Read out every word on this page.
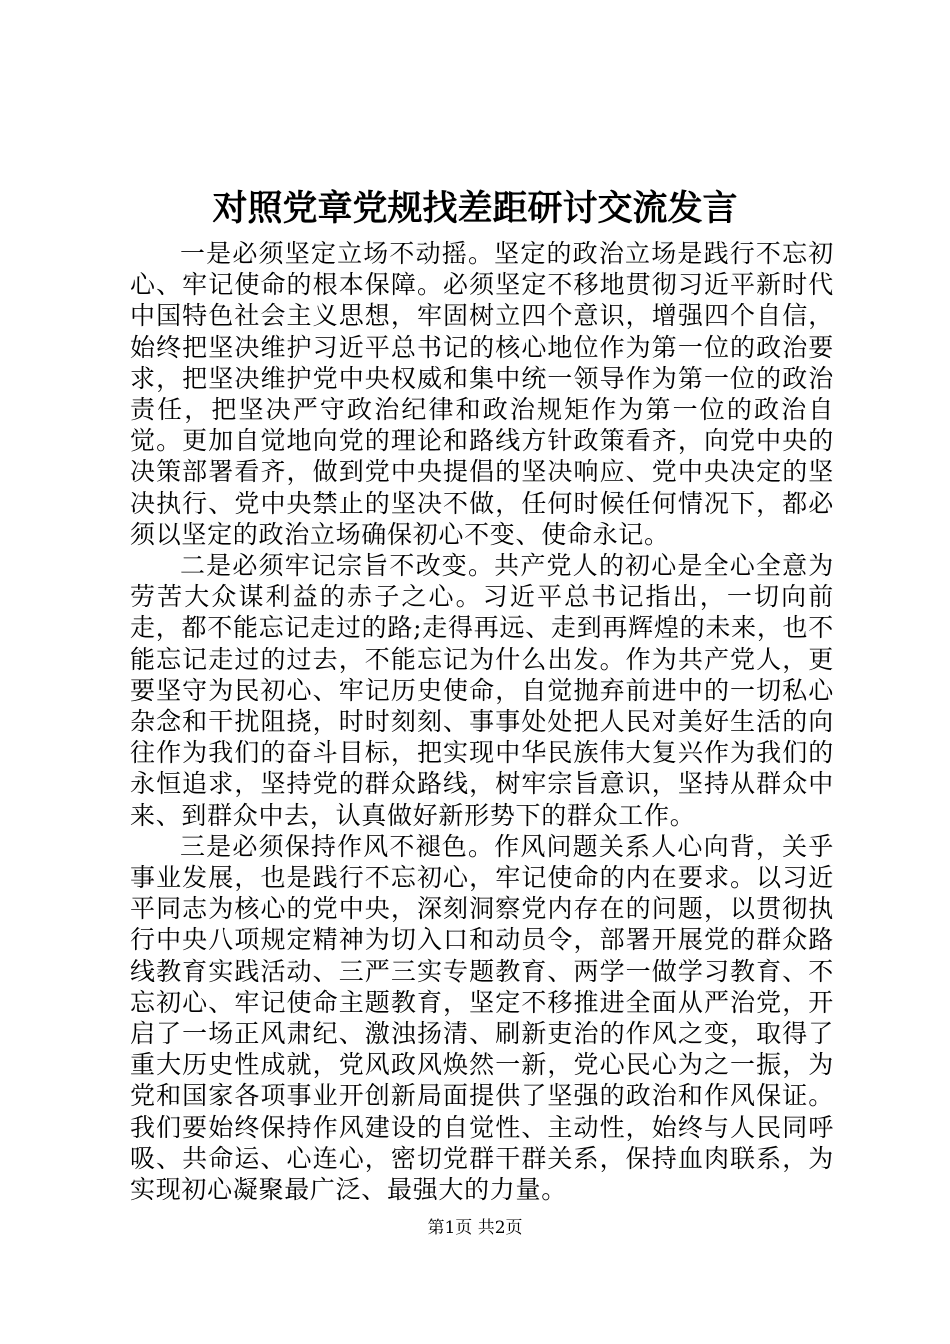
对照党章党规找差距研讨交流发言

一是必须坚定立场不动摇。坚定的政治立场是践行不忘初心、牢记使命的根本保障。必须坚定不移地贯彻习近平新时代中国特色社会主义思想，牢固树立四个意识，增强四个自信，始终把坚决维护习近平总书记的核心地位作为第一位的政治要求，把坚决维护党中央权威和集中统一领导作为第一位的政治责任，把坚决严守政治纪律和政治规矩作为第一位的政治自觉。更加自觉地向党的理论和路线方针政策看齐，向党中央的决策部署看齐，做到党中央提倡的坚决响应、党中央决定的坚决执行、党中央禁止的坚决不做，任何时候任何情况下，都必须以坚定的政治立场确保初心不变、使命永记。

二是必须牢记宗旨不改变。共产党人的初心是全心全意为劳苦大众谋利益的赤子之心。习近平总书记指出，一切向前走，都不能忘记走过的路;走得再远、走到再辉煌的未来，也不能忘记走过的过去，不能忘记为什么出发。作为共产党人，更要坚守为民初心、牢记历史使命，自觉抛弃前进中的一切私心杂念和干扰阻挠，时时刻刻、事事处处把人民对美好生活的向往作为我们的奋斗目标，把实现中华民族伟大复兴作为我们的永恒追求，坚持党的群众路线，树牢宗旨意识，坚持从群众中来、到群众中去，认真做好新形势下的群众工作。

三是必须保持作风不褪色。作风问题关系人心向背，关乎事业发展，也是践行不忘初心，牢记使命的内在要求。以习近平同志为核心的党中央，深刻洞察党内存在的问题，以贯彻执行中央八项规定精神为切入口和动员令，部署开展党的群众路线教育实践活动、三严三实专题教育、两学一做学习教育、不忘初心、牢记使命主题教育，坚定不移推进全面从严治党，开启了一场正风肃纪、激浊扬清、刷新吏治的作风之变，取得了重大历史性成就，党风政风焕然一新，党心民心为之一振，为党和国家各项事业开创新局面提供了坚强的政治和作风保证。我们要始终保持作风建设的自觉性、主动性，始终与人民同呼吸、共命运、心连心，密切党群干群关系，保持血肉联系，为实现初心凝聚最广泛、最强大的力量。

第1页 共2页
